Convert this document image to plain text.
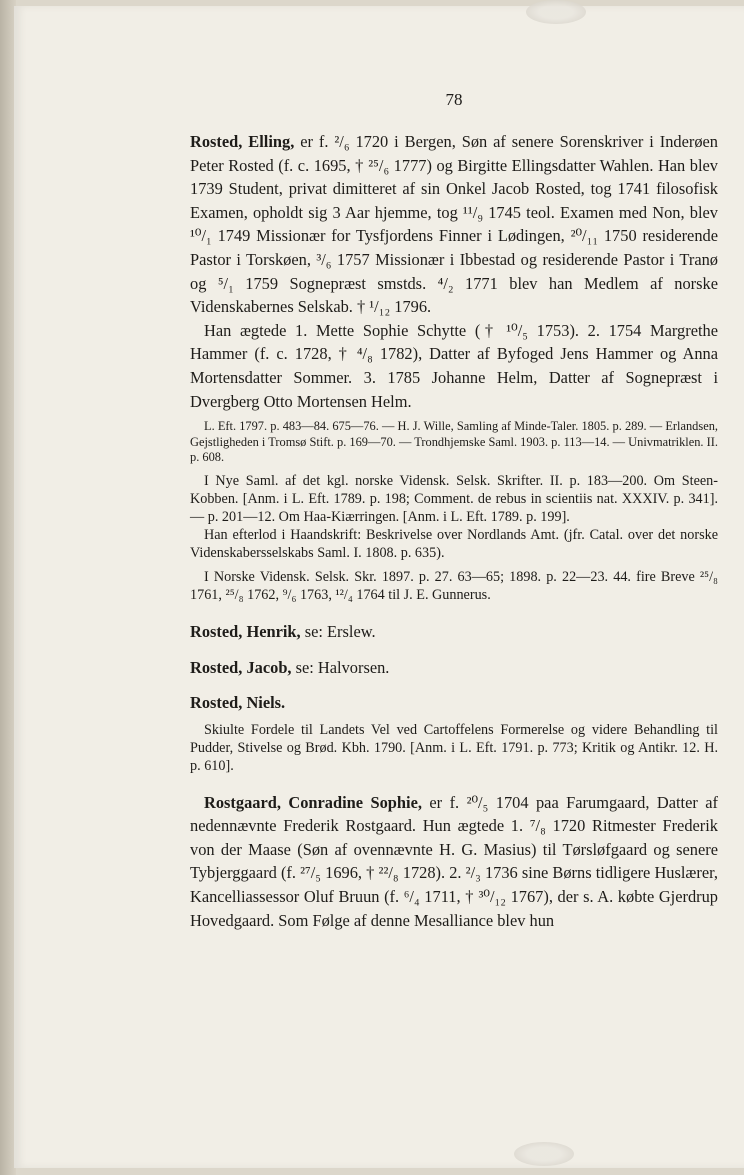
78

Rosted, Elling, er f. ²/₆ 1720 i Bergen, Søn af senere Sorenskriver i Inderøen Peter Rosted (f. c. 1695, † ²⁵/₆ 1777) og Birgitte Ellingsdatter Wahlen. Han blev 1739 Student, privat dimitteret af sin Onkel Jacob Rosted, tog 1741 filosofisk Examen, opholdt sig 3 Aar hjemme, tog ¹¹/₉ 1745 teol. Examen med Non, blev ¹⁰/₁ 1749 Missionær for Tysfjordens Finner i Lødingen, ²⁰/₁₁ 1750 residerende Pastor i Torskøen, ³/₆ 1757 Missionær i Ibbestad og residerende Pastor i Tranø og ⁵/₁ 1759 Sognepræst smstds. ⁴/₂ 1771 blev han Medlem af norske Videnskabernes Selskab. † ¹/₁₂ 1796.

Han ægtede 1. Mette Sophie Schytte († ¹⁰/₅ 1753). 2. 1754 Margrethe Hammer (f. c. 1728, † ⁴/₈ 1782), Datter af Byfoged Jens Hammer og Anna Mortensdatter Sommer. 3. 1785 Johanne Helm, Datter af Sognepræst i Dvergberg Otto Mortensen Helm.

L. Eft. 1797. p. 483—84. 675—76. — H. J. Wille, Samling af Minde-Taler. 1805. p. 289. — Erlandsen, Gejstligheden i Tromsø Stift. p. 169—70. — Trondhjemske Saml. 1903. p. 113—14. — Univmatriklen. II. p. 608.

I Nye Saml. af det kgl. norske Vidensk. Selsk. Skrifter. II. p. 183—200. Om Steen-Kobben. [Anm. i L. Eft. 1789. p. 198; Comment. de rebus in scientiis nat. XXXIV. p. 341]. — p. 201—12. Om Haa-Kiærringen. [Anm. i L. Eft. 1789. p. 199].

Han efterlod i Haandskrift: Beskrivelse over Nordlands Amt. (jfr. Catal. over det norske Videnskabersselskabs Saml. I. 1808. p. 635).

I Norske Vidensk. Selsk. Skr. 1897. p. 27. 63—65; 1898. p. 22—23. 44. fire Breve ²⁵/₈ 1761, ²⁵/₈ 1762, ⁹/₆ 1763, ¹²/₄ 1764 til J. E. Gunnerus.

Rosted, Henrik, se: Erslew.

Rosted, Jacob, se: Halvorsen.

Rosted, Niels.

Skiulte Fordele til Landets Vel ved Cartoffelens Formerelse og videre Behandling til Pudder, Stivelse og Brød. Kbh. 1790. [Anm. i L. Eft. 1791. p. 773; Kritik og Antikr. 12. H. p. 610].

Rostgaard, Conradine Sophie, er f. ²⁰/₅ 1704 paa Farumgaard, Datter af nedennævnte Frederik Rostgaard. Hun ægtede 1. ⁷/₈ 1720 Ritmester Frederik von der Maase (Søn af ovennævnte H. G. Masius) til Tørsløfgaard og senere Tybjerggaard (f. ²⁷/₅ 1696, † ²²/₈ 1728). 2. ²/₃ 1736 sine Børns tidligere Huslærer, Kancelliassessor Oluf Bruun (f. ⁶/₄ 1711, † ³⁰/₁₂ 1767), der s. A. købte Gjerdrup Hovedgaard. Som Følge af denne Mesalliance blev hun
